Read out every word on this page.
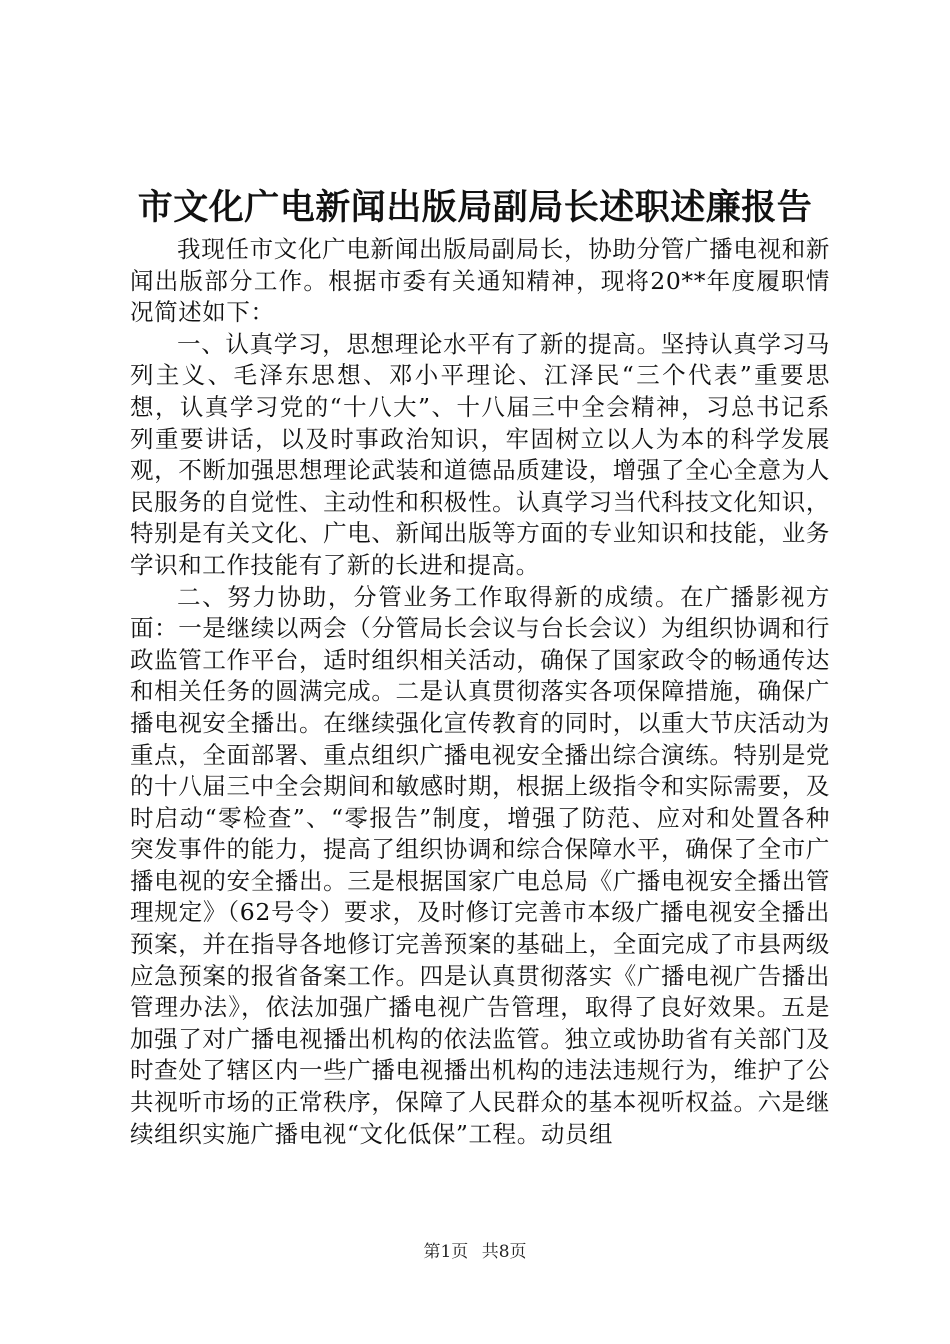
市文化广电新闻出版局副局长述职述廉报告

我现任市文化广电新闻出版局副局长，协助分管广播电视和新闻出版部分工作。根据市委有关通知精神，现将20**年度履职情况简述如下：

一、认真学习，思想理论水平有了新的提高。坚持认真学习马列主义、毛泽东思想、邓小平理论、江泽民“三个代表”重要思想，认真学习党的“十八大”、十八届三中全会精神，习总书记系列重要讲话，以及时事政治知识，牢固树立以人为本的科学发展观，不断加强思想理论武装和道德品质建设，增强了全心全意为人民服务的自觉性、主动性和积极性。认真学习当代科技文化知识，特别是有关文化、广电、新闻出版等方面的专业知识和技能，业务学识和工作技能有了新的长进和提高。

二、努力协助，分管业务工作取得新的成绩。在广播影视方面：一是继续以两会（分管局长会议与台长会议）为组织协调和行政监管工作平台，适时组织相关活动，确保了国家政令的畅通传达和相关任务的圆满完成。二是认真贯彻落实各项保障措施，确保广播电视安全播出。在继续强化宣传教育的同时，以重大节庆活动为重点，全面部署、重点组织广播电视安全播出综合演练。特别是党的十八届三中全会期间和敏感时期，根据上级指令和实际需要，及时启动“零检查”、“零报告”制度，增强了防范、应对和处置各种突发事件的能力，提高了组织协调和综合保障水平，确保了全市广播电视的安全播出。三是根据国家广电总局《广播电视安全播出管理规定》（62号令）要求，及时修订完善市本级广播电视安全播出预案，并在指导各地修订完善预案的基础上，全面完成了市县两级应急预案的报省备案工作。四是认真贯彻落实《广播电视广告播出管理办法》，依法加强广播电视广告管理，取得了良好效果。五是加强了对广播电视播出机构的依法监管。独立或协助省有关部门及时查处了辖区内一些广播电视播出机构的违法违规行为，维护了公共视听市场的正常秩序，保障了人民群众的基本视听权益。六是继续组织实施广播电视“文化低保”工程。动员组

第1页 共8页
